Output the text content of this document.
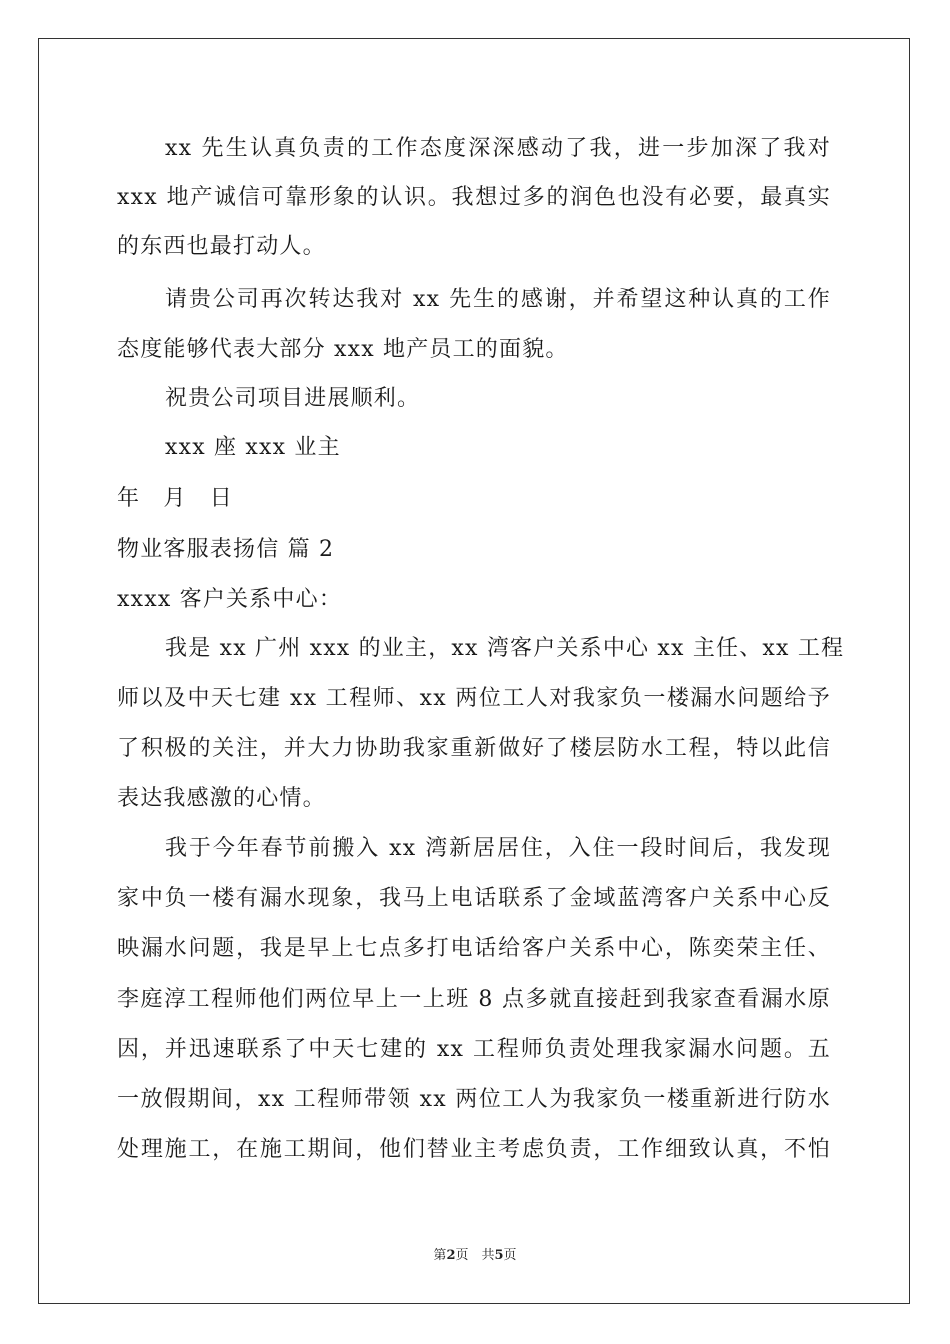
xx 先生认真负责的工作态度深深感动了我，进一步加深了我对
xxx 地产诚信可靠形象的认识。我想过多的润色也没有必要，最真实
的东西也最打动人。
请贵公司再次转达我对 xx 先生的感谢，并希望这种认真的工作
态度能够代表大部分 xxx 地产员工的面貌。
祝贵公司项目进展顺利。
xxx 座 xxx 业主
年　月　日
物业客服表扬信 篇 2
xxxx 客户关系中心：
我是 xx 广州 xxx 的业主，xx 湾客户关系中心 xx 主任、xx 工程
师以及中天七建 xx 工程师、xx 两位工人对我家负一楼漏水问题给予
了积极的关注，并大力协助我家重新做好了楼层防水工程，特以此信
表达我感激的心情。
我于今年春节前搬入 xx 湾新居居住，入住一段时间后，我发现
家中负一楼有漏水现象，我马上电话联系了金域蓝湾客户关系中心反
映漏水问题，我是早上七点多打电话给客户关系中心，陈奕荣主任、
李庭淳工程师他们两位早上一上班 8 点多就直接赶到我家查看漏水原
因，并迅速联系了中天七建的 xx 工程师负责处理我家漏水问题。五
一放假期间，xx 工程师带领 xx 两位工人为我家负一楼重新进行防水
处理施工，在施工期间，他们替业主考虑负责，工作细致认真，不怕
第2页　共5页
